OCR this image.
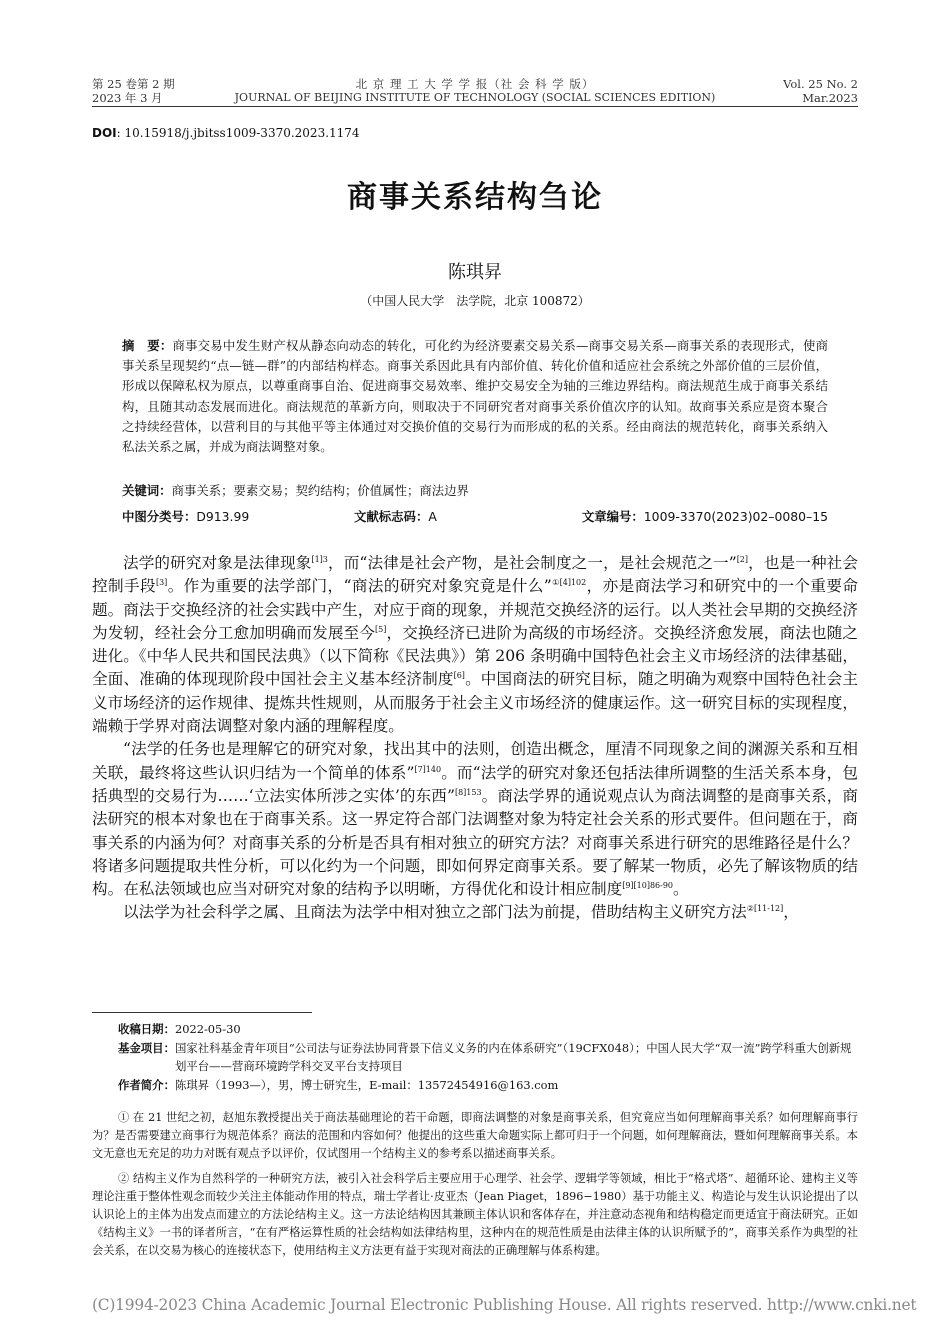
第 25 卷第 2 期
2023 年 3 月
北 京 理 工 大 学 学 报（社 会 科 学 版）
JOURNAL OF BEIJING INSTITUTE OF TECHNOLOGY (SOCIAL SCIENCES EDITION)
Vol. 25 No. 2
Mar.2023
DOI: 10.15918/j.jbitss1009-3370.2023.1174
商事关系结构刍论
陈琪昇
（中国人民大学　法学院，北京 100872）
摘　要：商事交易中发生财产权从静态向动态的转化，可化约为经济要素交易关系—商事交易关系—商事关系的表现形式，使商事关系呈现契约“点—链—群”的内部结构样态。商事关系因此具有内部价值、转化价值和适应社会系统之外部价值的三层价值，形成以保障私权为原点，以尊重商事自治、促进商事交易效率、维护交易安全为轴的三维边界结构。商法规范生成于商事关系结构，且随其动态发展而进化。商法规范的革新方向，则取决于不同研究者对商事关系价值次序的认知。故商事关系应是资本聚合之持续经营体，以营利目的与其他平等主体通过对交换价值的交易行为而形成的私的关系。经由商法的规范转化，商事关系纳入私法关系之属，并成为商法调整对象。
关键词：商事关系；要素交易；契约结构；价值属性；商法边界
中图分类号：D913.99	文献标志码：A	文章编号：1009-3370(2023)02–0080–15

法学的研究对象是法律现象$^{[1]3}$，而“法律是社会产物，是社会制度之一，是社会规范之一”[2]，也是一种社会控制手段[3]。作为重要的法学部门，“商法的研究对象究竟是什么”$^{①[4]102}$，亦是商法学习和研究中的一个重要命题。商法于交换经济的社会实践中产生，对应于商的现象，并规范交换经济的运行。以人类社会早期的交换经济为发轫，经社会分工愈加明确而发展至今[5]，交换经济已进阶为高级的市场经济。交换经济愈发展，商法也随之进化。《中华人民共和国民法典》（以下简称《民法典》）第 206 条明确中国特色社会主义市场经济的法律基础，全面、准确的体现现阶段中国社会主义基本经济制度[6]。中国商法的研究目标，随之明确为观察中国特色社会主义市场经济的运作规律、提炼共性规则，从而服务于社会主义市场经济的健康运作。这一研究目标的实现程度，端赖于学界对商法调整对象内涵的理解程度。

“法学的任务也是理解它的研究对象，找出其中的法则，创造出概念，厘清不同现象之间的渊源关系和互相关联，最终将这些认识归结为一个简单的体系”$^{[7]140}$。而“法学的研究对象还包括法律所调整的生活关系本身，包括典型的交易行为……‘立法实体所涉之实体’的东西”$^{[8]153}$。商法学界的通说观点认为商法调整的是商事关系，商法研究的根本对象也在于商事关系。这一界定符合部门法调整对象为特定社会关系的形式要件。但问题在于，商事关系的内涵为何？对商事关系的分析是否具有相对独立的研究方法？对商事关系进行研究的思维路径是什么？将诸多问题提取共性分析，可以化约为一个问题，即如何界定商事关系。要了解某一物质，必先了解该物质的结构。在私法领域也应当对研究对象的结构予以明晰，方得优化和设计相应制度$^{[9][10]86-90}$。

以法学为社会科学之属、且商法为法学中相对独立之部门法为前提，借助结构主义研究方法$^{②[11-12]}$，

收稿日期： 2022-05-30
基金项目： 国家社科基金青年项目“公司法与证券法协同背景下信义义务的内在体系研究”（19CFX048）；中国人民大学“双一流”跨学科重大创新规划平台——营商环境跨学科交叉平台支持项目
作者简介： 陈琪昇（1993—），男，博士研究生，E-mail：13572454916@163.com

① 在 21 世纪之初，赵旭东教授提出关于商法基础理论的若干命题，即商法调整的对象是商事关系，但究竟应当如何理解商事关系？如何理解商事行为？是否需要建立商事行为规范体系？商法的范围和内容如何？他提出的这些重大命题实际上都可归于一个问题，如何理解商法，暨如何理解商事关系。本文无意也无充足的功力对既有观点予以评价，仅试图用一个结构主义的参考系以描述商事关系。

② 结构主义作为自然科学的一种研究方法，被引入社会科学后主要应用于心理学、社会学、逻辑学等领域，相比于“格式塔”、超循环论、建构主义等理论注重于整体性观念而较少关注主体能动作用的特点，瑞士学者让·皮亚杰（Jean Piaget，1896−1980）基于功能主义、构造论与发生认识论提出了以认识论上的主体为出发点而建立的方法论结构主义。这一方法论结构因其兼顾主体认识和客体存在，并注意动态视角和结构稳定而更适宜于商法研究。正如《结构主义》一书的译者所言，“在有严格运算性质的社会结构如法律结构里，这种内在的规范性质是由法律主体的认识所赋予的”，商事关系作为典型的社会关系，在以交易为核心的连接状态下，使用结构主义方法更有益于实现对商法的正确理解与体系构建。

(C)1994-2023 China Academic Journal Electronic Publishing House. All rights reserved. http://www.cnki.net
